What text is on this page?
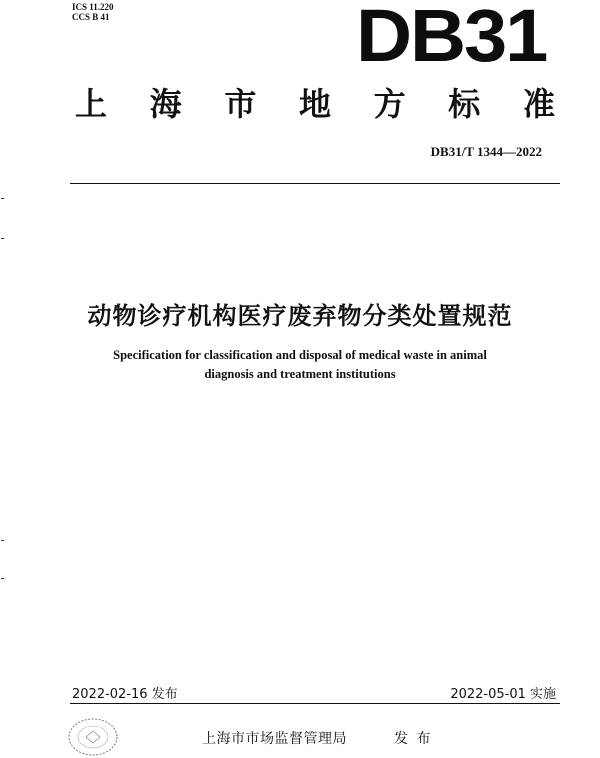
ICS 11.220
CCS B 41	DB31
上 海 市 地 方 标 准
DB31/T 1344—2022
动物诊疗机构医疗废弃物分类处置规范
Specification for classification and disposal of medical waste in animal
diagnosis and treatment institutions
2022-02-16 发布	2022-05-01 实施
上海市市场监督管理局	发 布
